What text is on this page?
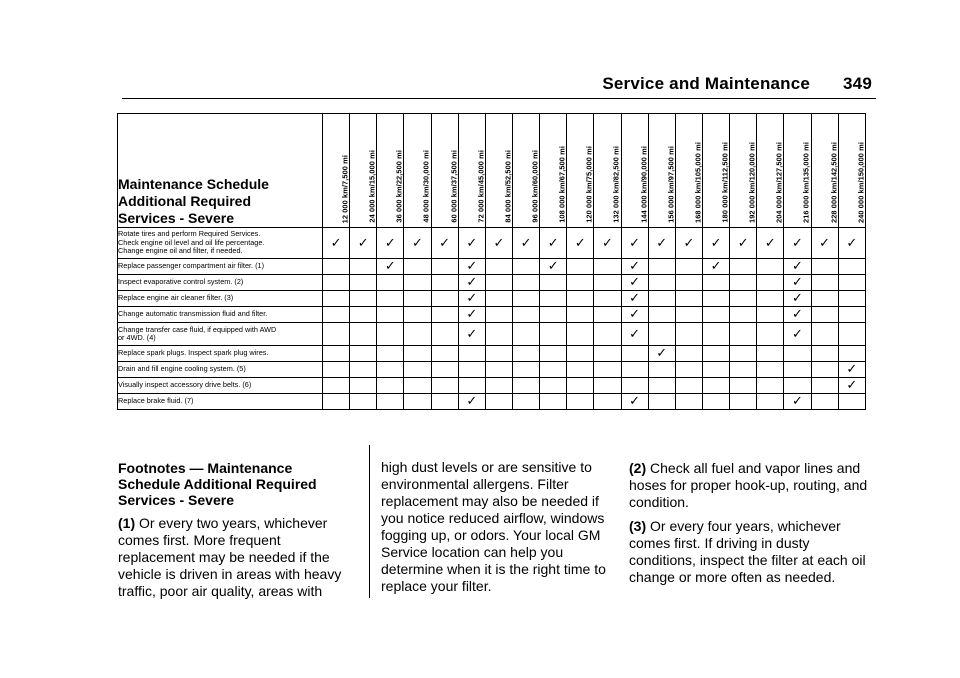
Service and Maintenance 349
Maintenance Schedule
Additional Required
Services - Severe	12 000 km/7,500 mi	24 000 km/15,000 mi	36 000 km/22,500 mi	48 000 km/30,000 mi	60 000 km/37,500 mi	72 000 km/45,000 mi	84 000 km/52,500 mi	96 000 km/60,000 mi	108 000 km/67,500 mi	120 000 km/75,000 mi	132 000 km/82,500 mi	144 000 km/90,000 mi	156 000 km/97,500 mi	168 000 km/105,000 mi	180 000 km/112,500 mi	192 000 km/120,000 mi	204 000 km/127,500 mi	216 000 km/135,000 mi	228 000 km/142,500 mi	240 000 km/150,000 mi

Rotate tires and perform Required Services.
Check engine oil level and oil life percentage.
Change engine oil and filter, if needed.	✓	✓	✓	✓	✓	✓	✓	✓	✓	✓	✓	✓	✓	✓	✓	✓	✓	✓	✓	✓

Replace passenger compartment air filter. (1)			✓			✓			✓			✓			✓			✓		

Inspect evaporative control system. (2)						✓						✓						✓		

Replace engine air cleaner filter. (3)						✓						✓						✓		

Change automatic transmission fluid and filter.						✓						✓						✓		

Change transfer case fluid, if equipped with AWD
or 4WD. (4)						✓						✓						✓		

Replace spark plugs. Inspect spark plug wires.													✓							

Drain and fill engine cooling system. (5)																				✓

Visually inspect accessory drive belts. (6)																				✓

Replace brake fluid. (7)						✓						✓						✓		
Footnotes — Maintenance
Schedule Additional Required
Services - Severe

(1) Or every two years, whichever comes first. More frequent replacement may be needed if the vehicle is driven in areas with heavy traffic, poor air quality, areas with

high dust levels or are sensitive to environmental allergens. Filter replacement may also be needed if you notice reduced airflow, windows fogging up, or odors. Your local GM Service location can help you determine when it is the right time to replace your filter.

(2) Check all fuel and vapor lines and hoses for proper hook-up, routing, and condition.

(3) Or every four years, whichever comes first. If driving in dusty conditions, inspect the filter at each oil change or more often as needed.
